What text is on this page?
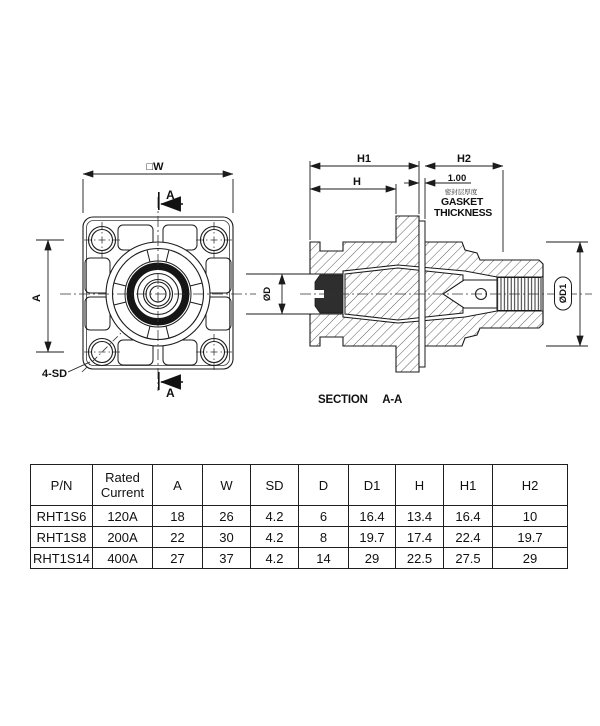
□W
A
4-SD
A
A
H1	H2
H	1.00
密封层厚度
GASKET
THICKNESS
ØD	ØD1
SECTION A-A
P/N	Rated Current	A	W	SD	D	D1	H	H1	H2
RHT1S6	120A	18	26	4.2	6	16.4	13.4	16.4	10
RHT1S8	200A	22	30	4.2	8	19.7	17.4	22.4	19.7
RHT1S14	400A	27	37	4.2	14	29	22.5	27.5	29
